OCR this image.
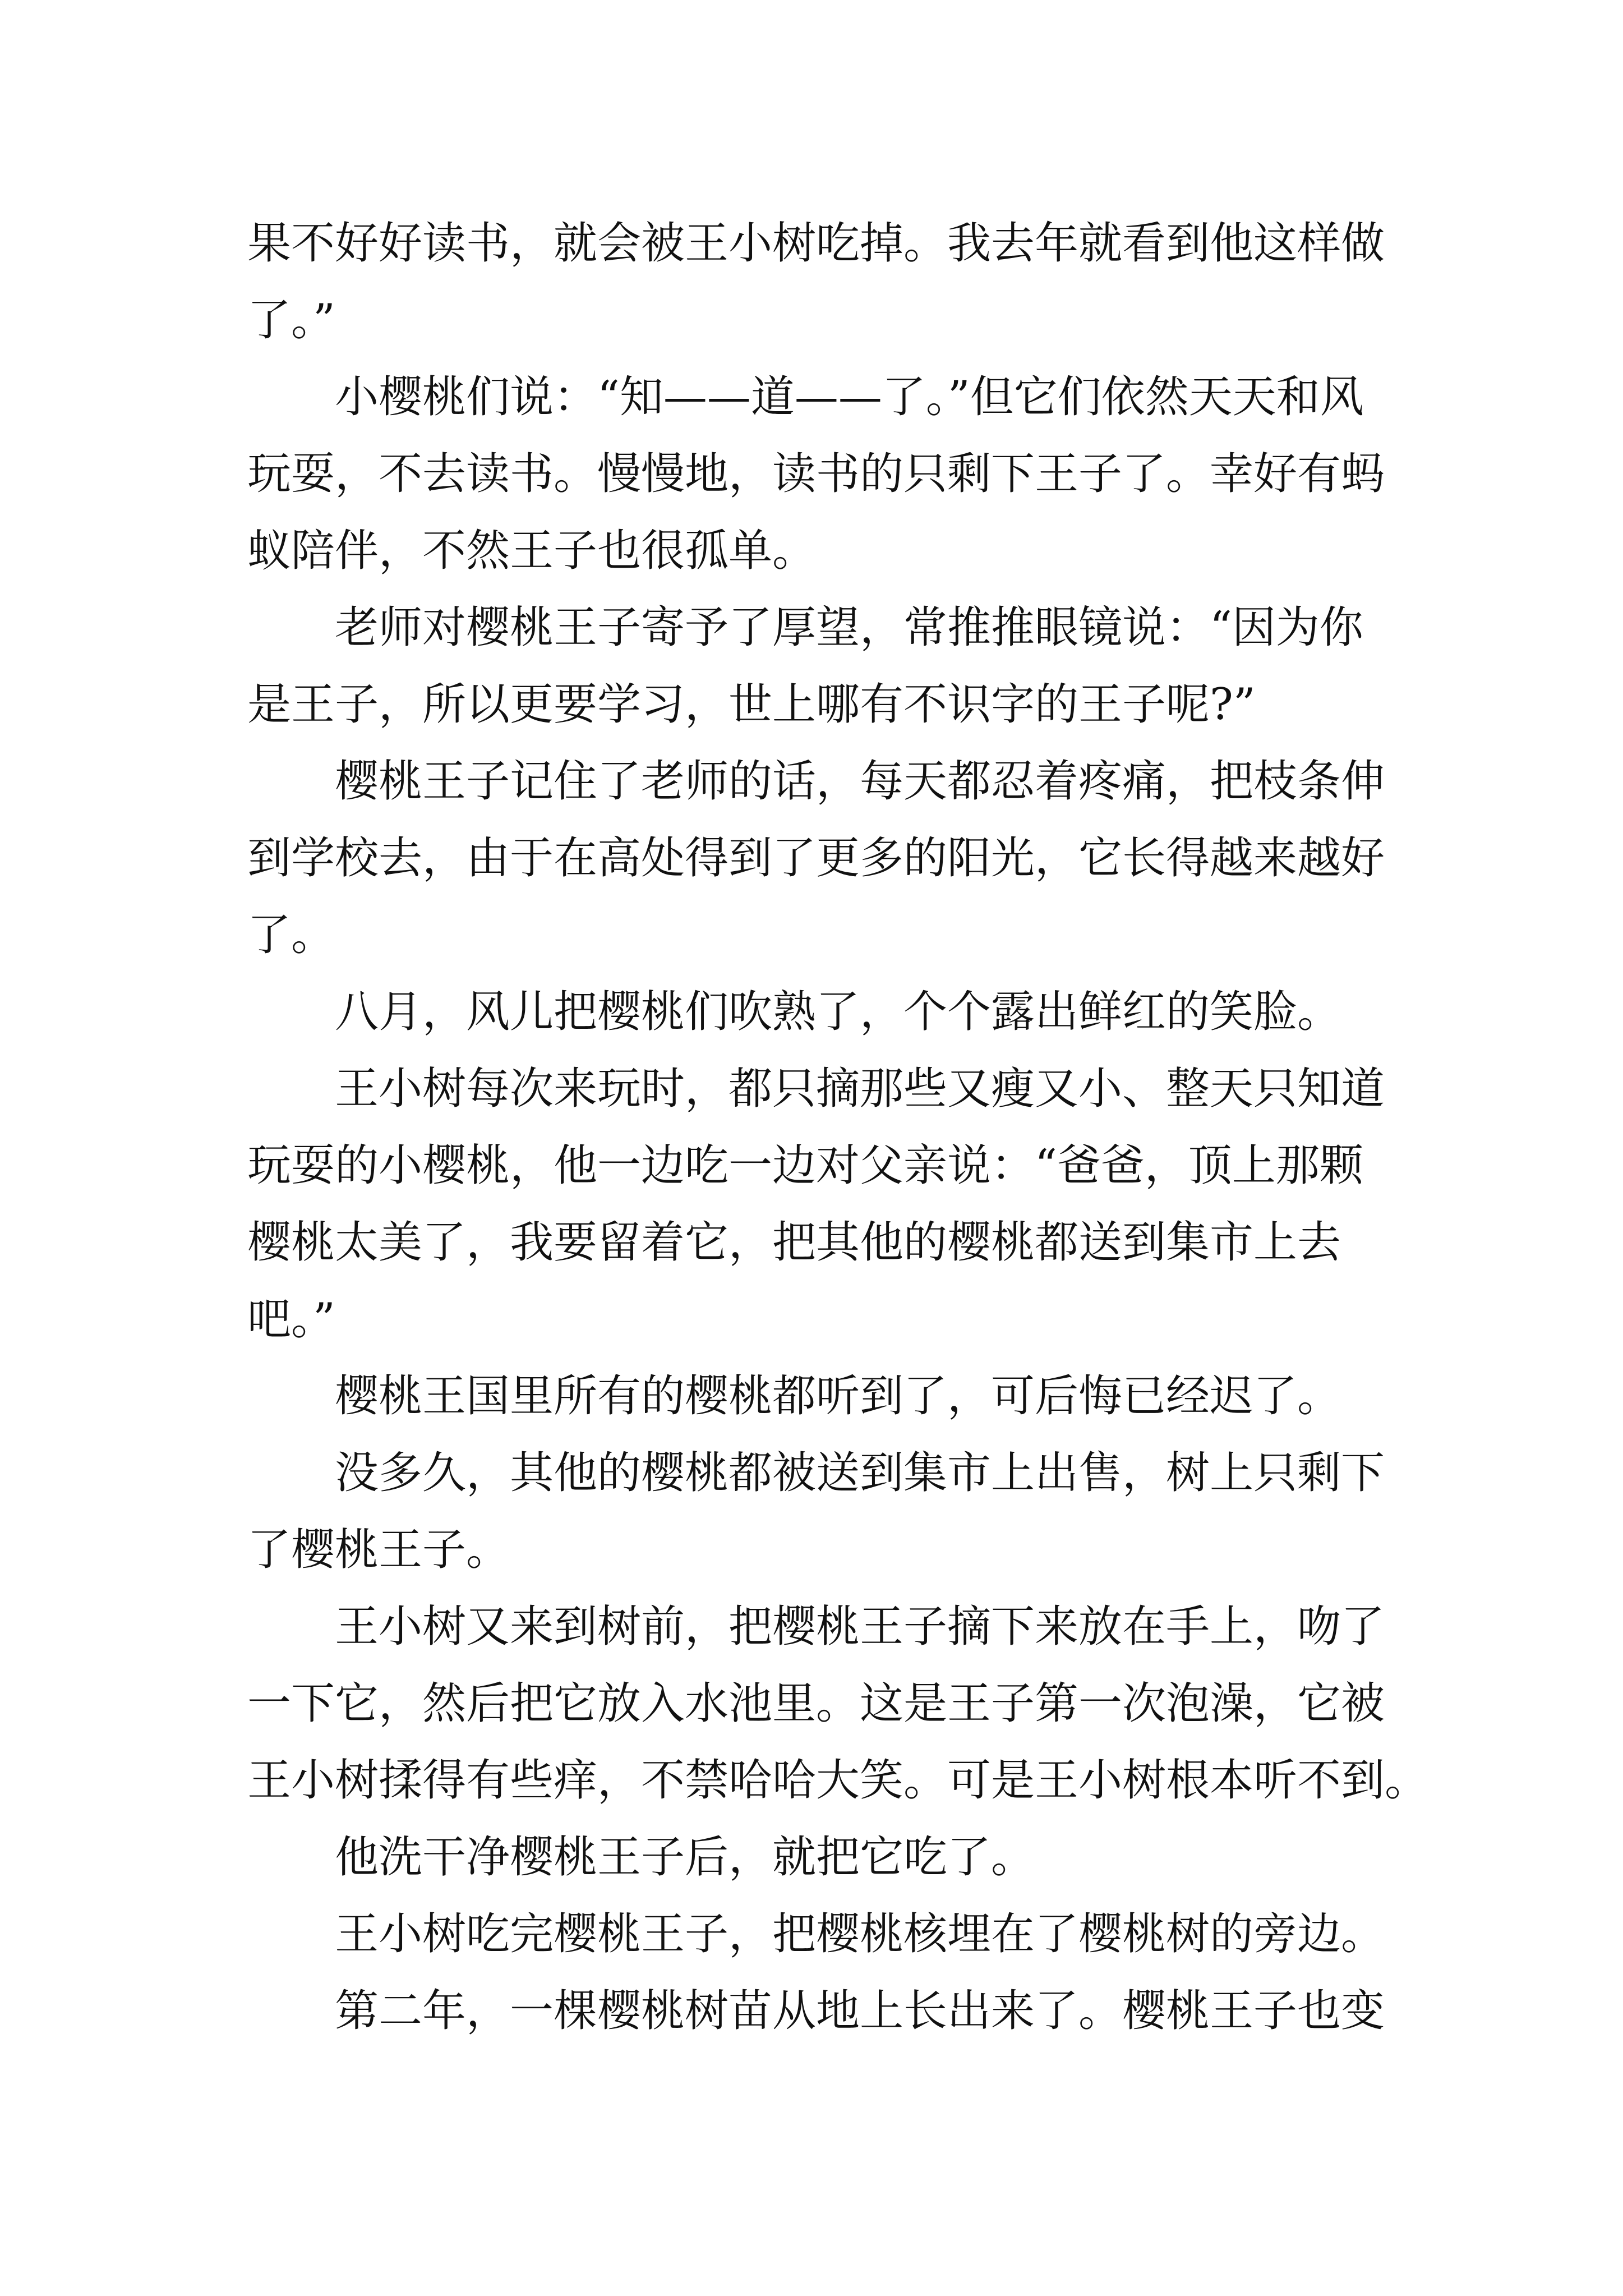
果不好好读书，就会被王小树吃掉。我去年就看到他这样做
了。”

小樱桃们说：“知——道——了。”但它们依然天天和风
玩耍，不去读书。慢慢地，读书的只剩下王子了。幸好有蚂
蚁陪伴，不然王子也很孤单。

老师对樱桃王子寄予了厚望，常推推眼镜说：“因为你
是王子，所以更要学习，世上哪有不识字的王子呢?”

樱桃王子记住了老师的话，每天都忍着疼痛，把枝条伸
到学校去，由于在高处得到了更多的阳光，它长得越来越好
了。

八月，风儿把樱桃们吹熟了，个个露出鲜红的笑脸。

王小树每次来玩时，都只摘那些又瘦又小、整天只知道
玩耍的小樱桃，他一边吃一边对父亲说：“爸爸，顶上那颗
樱桃太美了，我要留着它，把其他的樱桃都送到集市上去
吧。”

樱桃王国里所有的樱桃都听到了，可后悔已经迟了。

没多久，其他的樱桃都被送到集市上出售，树上只剩下
了樱桃王子。

王小树又来到树前，把樱桃王子摘下来放在手上，吻了
一下它，然后把它放入水池里。这是王子第一次泡澡，它被
王小树揉得有些痒，不禁哈哈大笑。可是王小树根本听不到。

他洗干净樱桃王子后，就把它吃了。

王小树吃完樱桃王子，把樱桃核埋在了樱桃树的旁边。

第二年，一棵樱桃树苗从地上长出来了。樱桃王子也变
